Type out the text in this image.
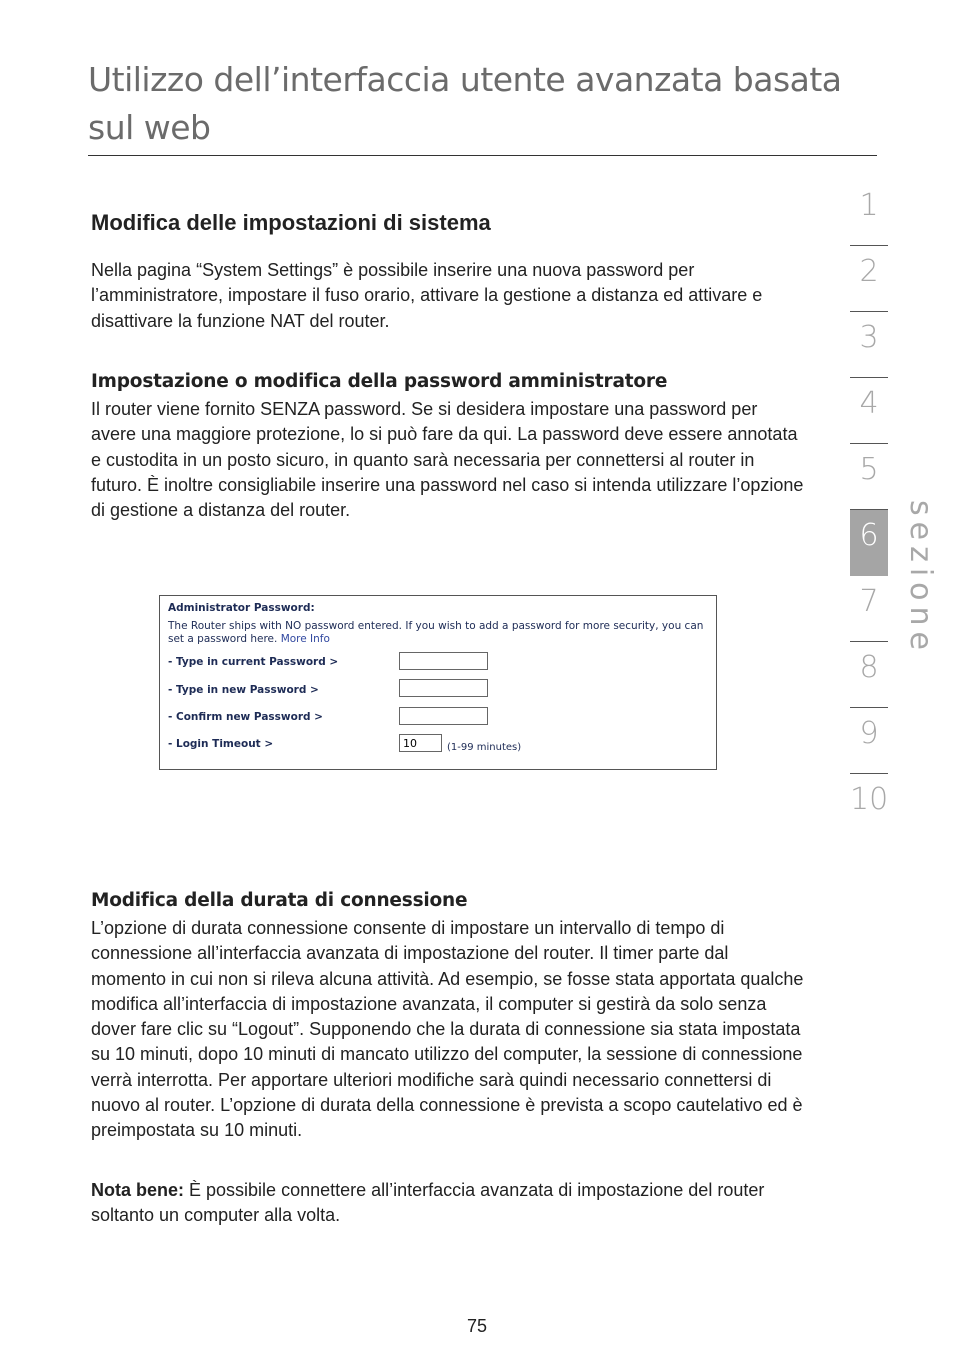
Utilizzo dell’interfaccia utente avanzata basata sul web
Modifica delle impostazioni di sistema
Nella pagina “System Settings” è possibile inserire una nuova password per l’amministratore, impostare il fuso orario, attivare la gestione a distanza ed attivare e disattivare la funzione NAT del router.
Impostazione o modifica della password amministratore
Il router viene fornito SENZA password. Se si desidera impostare una password per avere una maggiore protezione, lo si può fare da qui. La password deve essere annotata e custodita in un posto sicuro, in quanto sarà necessaria per connettersi al router in futuro. È inoltre consigliabile inserire una password nel caso si intenda utilizzare l’opzione di gestione a distanza del router.
Administrator Password:
The Router ships with NO password entered. If you wish to add a password for more security, you can set a password here. More Info
- Type in current Password >
- Type in new Password >
- Confirm new Password >
- Login Timeout >
10	(1-99 minutes)
Modifica della durata di connessione
L’opzione di durata connessione consente di impostare un intervallo di tempo di connessione all’interfaccia avanzata di impostazione del router. Il timer parte dal momento in cui non si rileva alcuna attività. Ad esempio, se fosse stata apportata qualche modifica all’interfaccia di impostazione avanzata, il computer si gestirà da solo senza dover fare clic su “Logout”. Supponendo che la durata di connessione sia stata impostata su 10 minuti, dopo 10 minuti di mancato utilizzo del computer, la sessione di connessione verrà interrotta. Per apportare ulteriori modifiche sarà quindi necessario connettersi di nuovo al router. L’opzione di durata della connessione è prevista a scopo cautelativo ed è preimpostata su 10 minuti.
Nota bene: È possibile connettere all’interfaccia avanzata di impostazione del router soltanto un computer alla volta.
1
2
3
4
5
6
7
8
9
10
sezione
75
